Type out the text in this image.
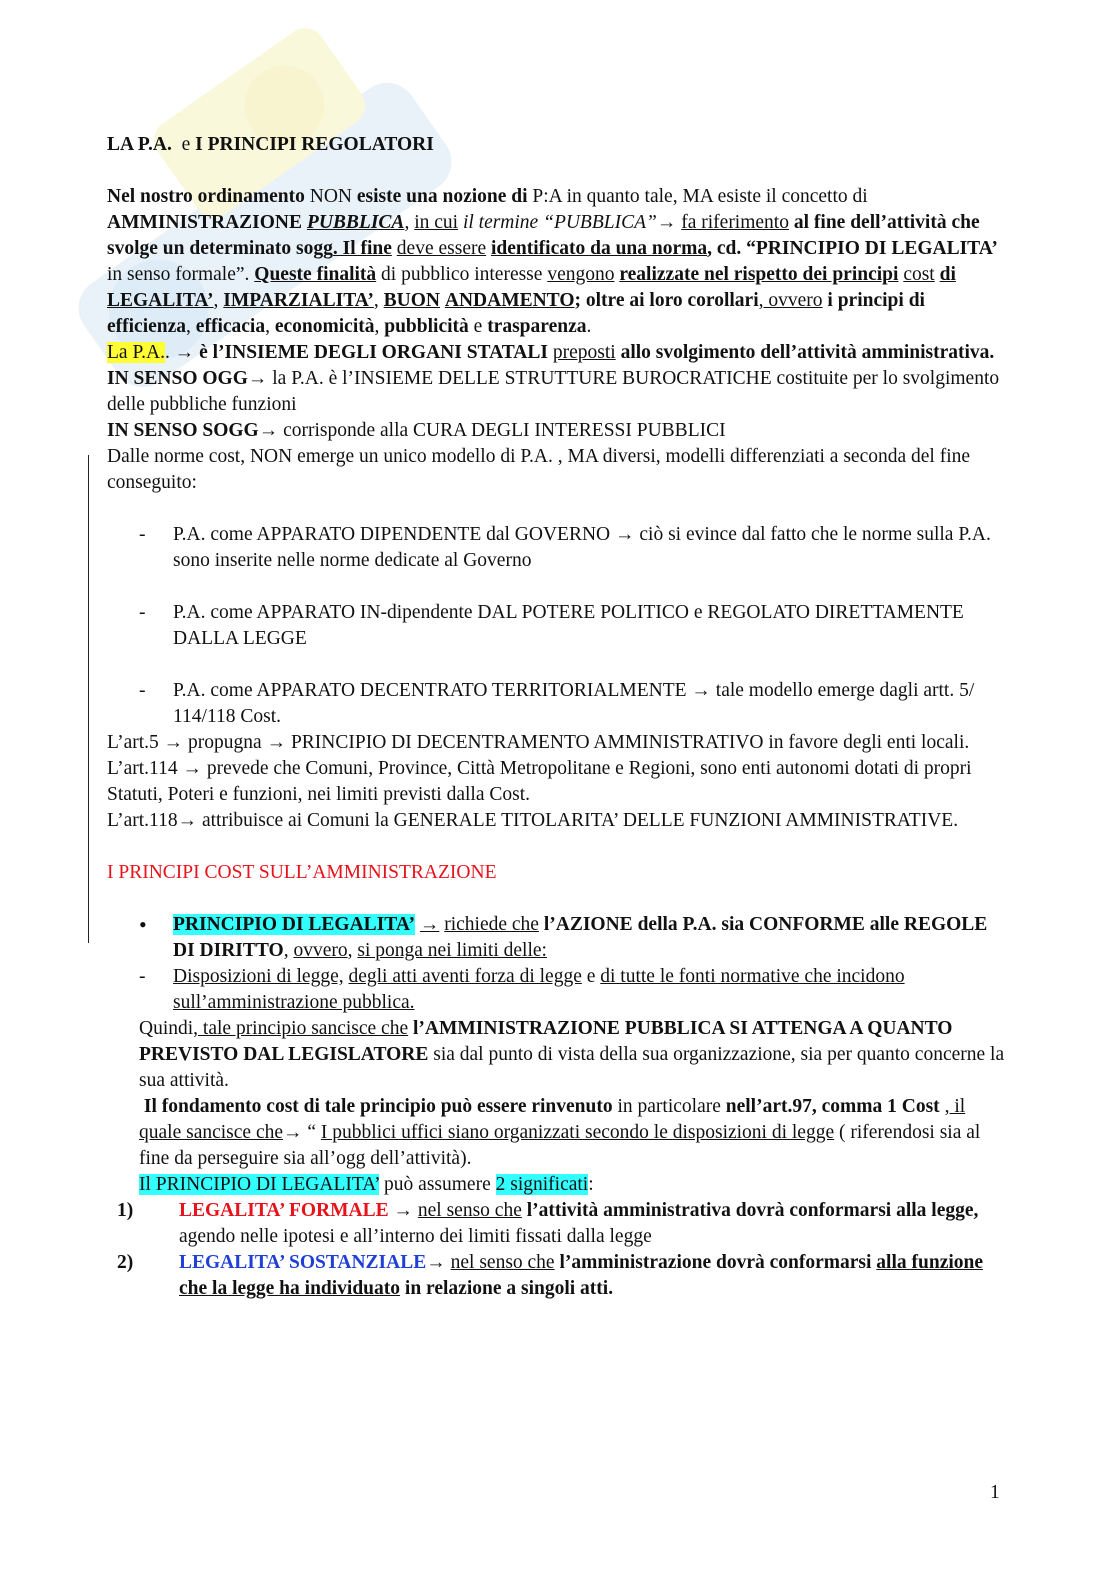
LA P.A. e I PRINCIPI REGOLATORI

Nel nostro ordinamento NON esiste una nozione di P:A in quanto tale, MA esiste il concetto di AMMINISTRAZIONE PUBBLICA, in cui il termine “PUBBLICA”→ fa riferimento al fine dell’attività che svolge un determinato sogg. Il fine deve essere identificato da una norma, cd. “PRINCIPIO DI LEGALITA’ in senso formale”. Queste finalità di pubblico interesse vengono realizzate nel rispetto dei principi cost di LEGALITA’, IMPARZIALITA’, BUON ANDAMENTO; oltre ai loro corollari, ovvero i principi di efficienza, efficacia, economicità, pubblicità e trasparenza.

La P.A.. → è l’INSIEME DEGLI ORGANI STATALI preposti allo svolgimento dell’attività amministrativa.

IN SENSO OGG→ la P.A. è l’INSIEME DELLE STRUTTURE BUROCRATICHE costituite per lo svolgimento delle pubbliche funzioni

IN SENSO SOGG→ corrisponde alla CURA DEGLI INTERESSI PUBBLICI

Dalle norme cost, NON emerge un unico modello di P.A. , MA diversi, modelli differenziati a seconda del fine conseguito:

- P.A. come APPARATO DIPENDENTE dal GOVERNO → ciò si evince dal fatto che le norme sulla P.A. sono inserite nelle norme dedicate al Governo

- P.A. come APPARATO IN-dipendente DAL POTERE POLITICO e REGOLATO DIRETTAMENTE DALLA LEGGE

- P.A. come APPARATO DECENTRATO TERRITORIALMENTE → tale modello emerge dagli artt. 5/ 114/118 Cost.

L’art.5 → propugna → PRINCIPIO DI DECENTRAMENTO AMMINISTRATIVO in favore degli enti locali.

L’art.114 → prevede che Comuni, Province, Città Metropolitane e Regioni, sono enti autonomi dotati di propri Statuti, Poteri e funzioni, nei limiti previsti dalla Cost.

L’art.118→ attribuisce ai Comuni la GENERALE TITOLARITA’ DELLE FUNZIONI AMMINISTRATIVE.

I PRINCIPI COST SULL’AMMINISTRAZIONE

• PRINCIPIO DI LEGALITA’ → richiede che l’AZIONE della P.A. sia CONFORME alle REGOLE DI DIRITTO, ovvero, si ponga nei limiti delle:

- Disposizioni di legge, degli atti aventi forza di legge e di tutte le fonti normative che incidono sull’amministrazione pubblica.

Quindi, tale principio sancisce che l’AMMINISTRAZIONE PUBBLICA SI ATTENGA A QUANTO PREVISTO DAL LEGISLATORE sia dal punto di vista della sua organizzazione, sia per quanto concerne la sua attività.

Il fondamento cost di tale principio può essere rinvenuto in particolare nell’art.97, comma 1 Cost , il quale sancisce che→ “ I pubblici uffici siano organizzati secondo le disposizioni di legge ( riferendosi sia al fine da perseguire sia all’ogg dell’attività).

Il PRINCIPIO DI LEGALITA’ può assumere 2 significati:

1) LEGALITA’ FORMALE → nel senso che l’attività amministrativa dovrà conformarsi alla legge, agendo nelle ipotesi e all’interno dei limiti fissati dalla legge

2) LEGALITA’ SOSTANZIALE→ nel senso che l’amministrazione dovrà conformarsi alla funzione che la legge ha individuato in relazione a singoli atti.

1
